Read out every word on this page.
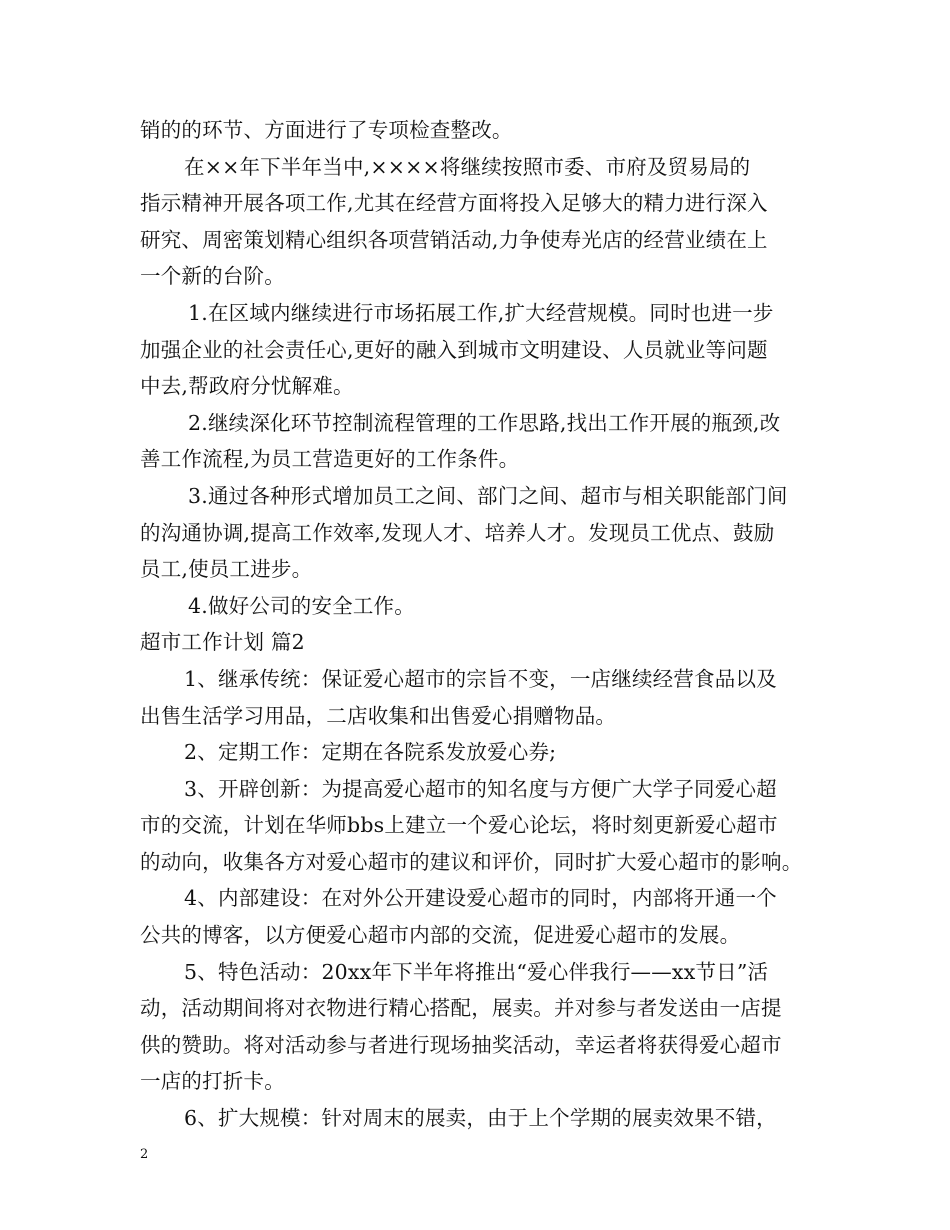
销的的环节、方面进行了专项检查整改。
在××年下半年当中,××××将继续按照市委、市府及贸易局的
指示精神开展各项工作,尤其在经营方面将投入足够大的精力进行深入
研究、周密策划精心组织各项营销活动,力争使寿光店的经营业绩在上
一个新的台阶。
1.在区域内继续进行市场拓展工作,扩大经营规模。同时也进一步
加强企业的社会责任心,更好的融入到城市文明建设、人员就业等问题
中去,帮政府分忧解难。
2.继续深化环节控制流程管理的工作思路,找出工作开展的瓶颈,改
善工作流程,为员工营造更好的工作条件。
3.通过各种形式增加员工之间、部门之间、超市与相关职能部门间
的沟通协调,提高工作效率,发现人才、培养人才。发现员工优点、鼓励
员工,使员工进步。
4.做好公司的安全工作。
超市工作计划 篇2
1、继承传统：保证爱心超市的宗旨不变，一店继续经营食品以及
出售生活学习用品，二店收集和出售爱心捐赠物品。
2、定期工作：定期在各院系发放爱心券;
3、开辟创新：为提高爱心超市的知名度与方便广大学子同爱心超
市的交流，计划在华师bbs上建立一个爱心论坛，将时刻更新爱心超市
的动向，收集各方对爱心超市的建议和评价，同时扩大爱心超市的影响。
4、内部建设：在对外公开建设爱心超市的同时，内部将开通一个
公共的博客，以方便爱心超市内部的交流，促进爱心超市的发展。
5、特色活动：20xx年下半年将推出“爱心伴我行——xx节日”活
动，活动期间将对衣物进行精心搭配，展卖。并对参与者发送由一店提
供的赞助。将对活动参与者进行现场抽奖活动，幸运者将获得爱心超市
一店的打折卡。
6、扩大规模：针对周末的展卖，由于上个学期的展卖效果不错，
2
